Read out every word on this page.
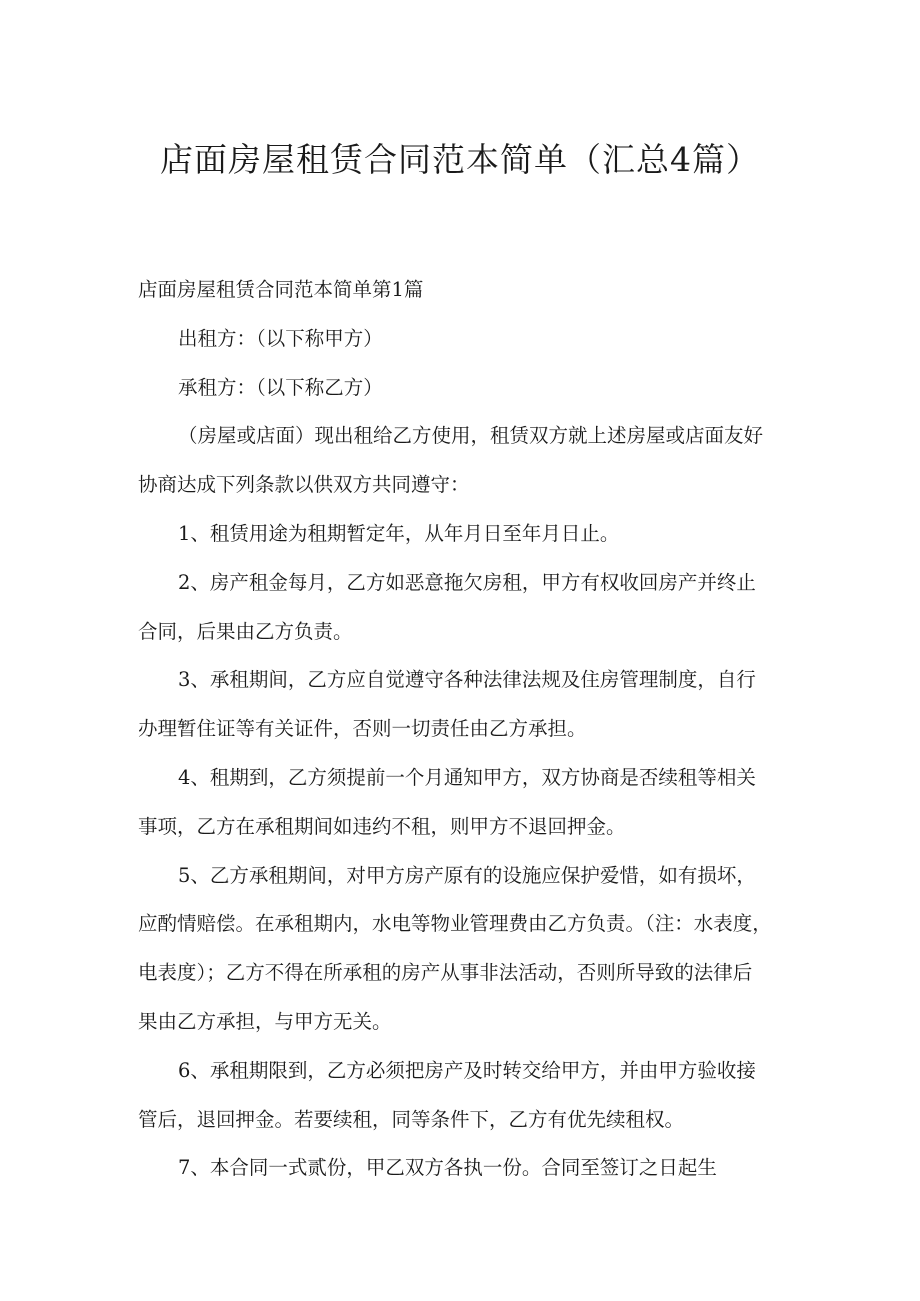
店面房屋租赁合同范本简单（汇总4篇）

店面房屋租赁合同范本简单第1篇

出租方：（以下称甲方）

承租方：（以下称乙方）

（房屋或店面）现出租给乙方使用，租赁双方就上述房屋或店面友好

协商达成下列条款以供双方共同遵守：

1、租赁用途为租期暂定年，从年月日至年月日止。

2、房产租金每月，乙方如恶意拖欠房租，甲方有权收回房产并终止

合同，后果由乙方负责。

3、承租期间，乙方应自觉遵守各种法律法规及住房管理制度，自行

办理暂住证等有关证件，否则一切责任由乙方承担。

4、租期到，乙方须提前一个月通知甲方，双方协商是否续租等相关

事项，乙方在承租期间如违约不租，则甲方不退回押金。

5、乙方承租期间，对甲方房产原有的设施应保护爱惜，如有损坏，

应酌情赔偿。在承租期内，水电等物业管理费由乙方负责。（注：水表度，

电表度）；乙方不得在所承租的房产从事非法活动，否则所导致的法律后

果由乙方承担，与甲方无关。

6、承租期限到，乙方必须把房产及时转交给甲方，并由甲方验收接

管后，退回押金。若要续租，同等条件下，乙方有优先续租权。

7、本合同一式贰份，甲乙双方各执一份。合同至签订之日起生
